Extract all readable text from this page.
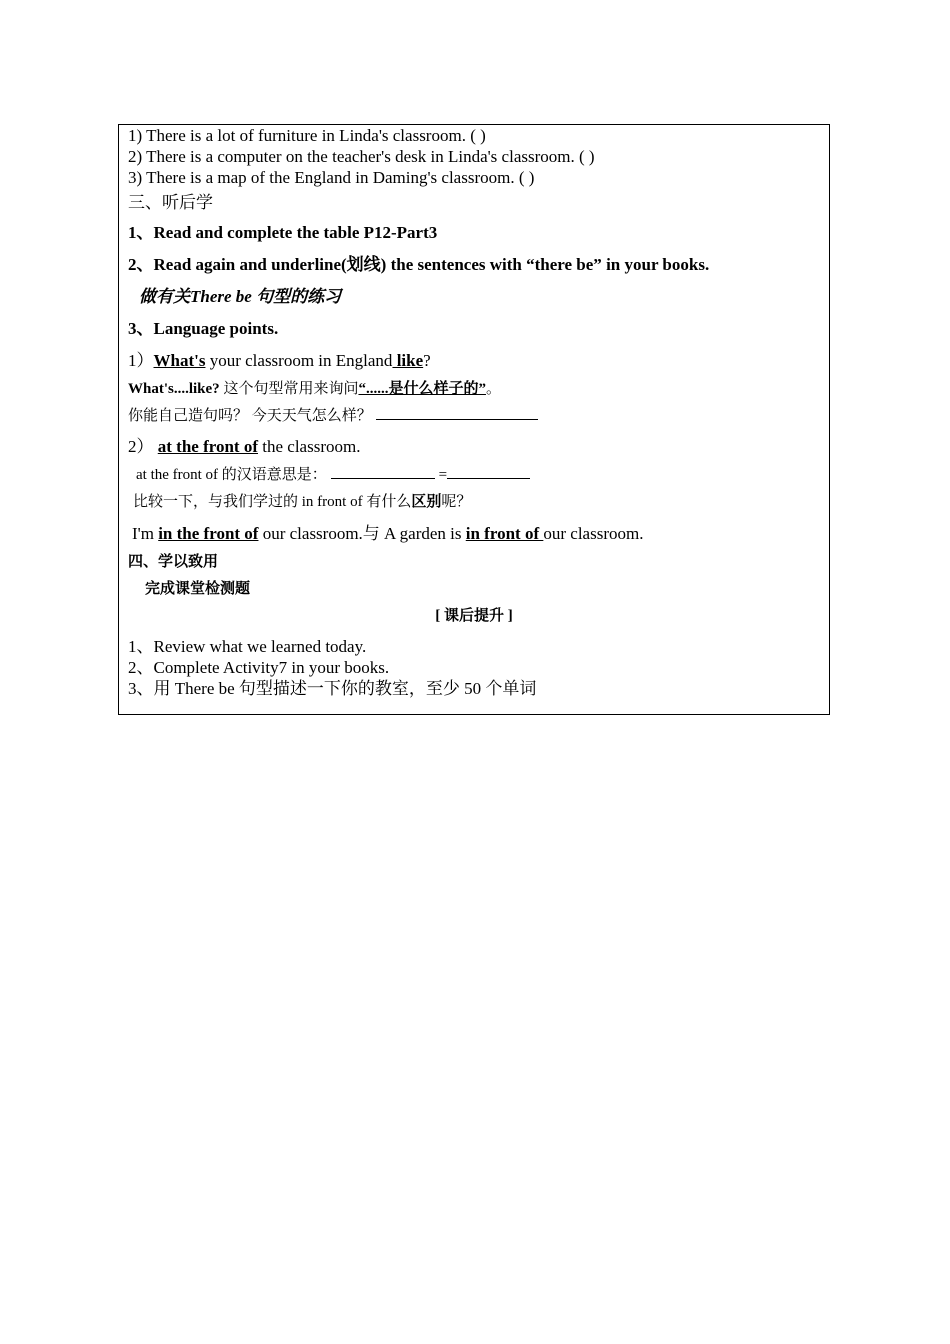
1) There is a lot of furniture in Linda's classroom. ( )
2) There is a computer on the teacher's desk in Linda's classroom. ( )
3) There is a map of the England in Daming's classroom. ( )
三、听后学
1、Read and complete the table P12-Part3
2、Read again and underline(划线) the sentences with “there be” in your books.
做有关There be 句型的练习
3、Language points.
1）What's your classroom in England like?
What's....like? 这个句型常用来询问“......是什么样子的”。
你能自己造句吗？ 今天天气怎么样？
2） at the front of the classroom.
at the front of 的汉语意思是：	=
比较一下，与我们学过的 in front of 有什么区别呢？
I'm in the front of our classroom.与 A garden is in front of our classroom.
四、学以致用
完成课堂检测题
[ 课后提升 ]
1、Review what we learned today.
2、Complete Activity7 in your books.
3、用 There be 句型描述一下你的教室，至少 50 个单词
